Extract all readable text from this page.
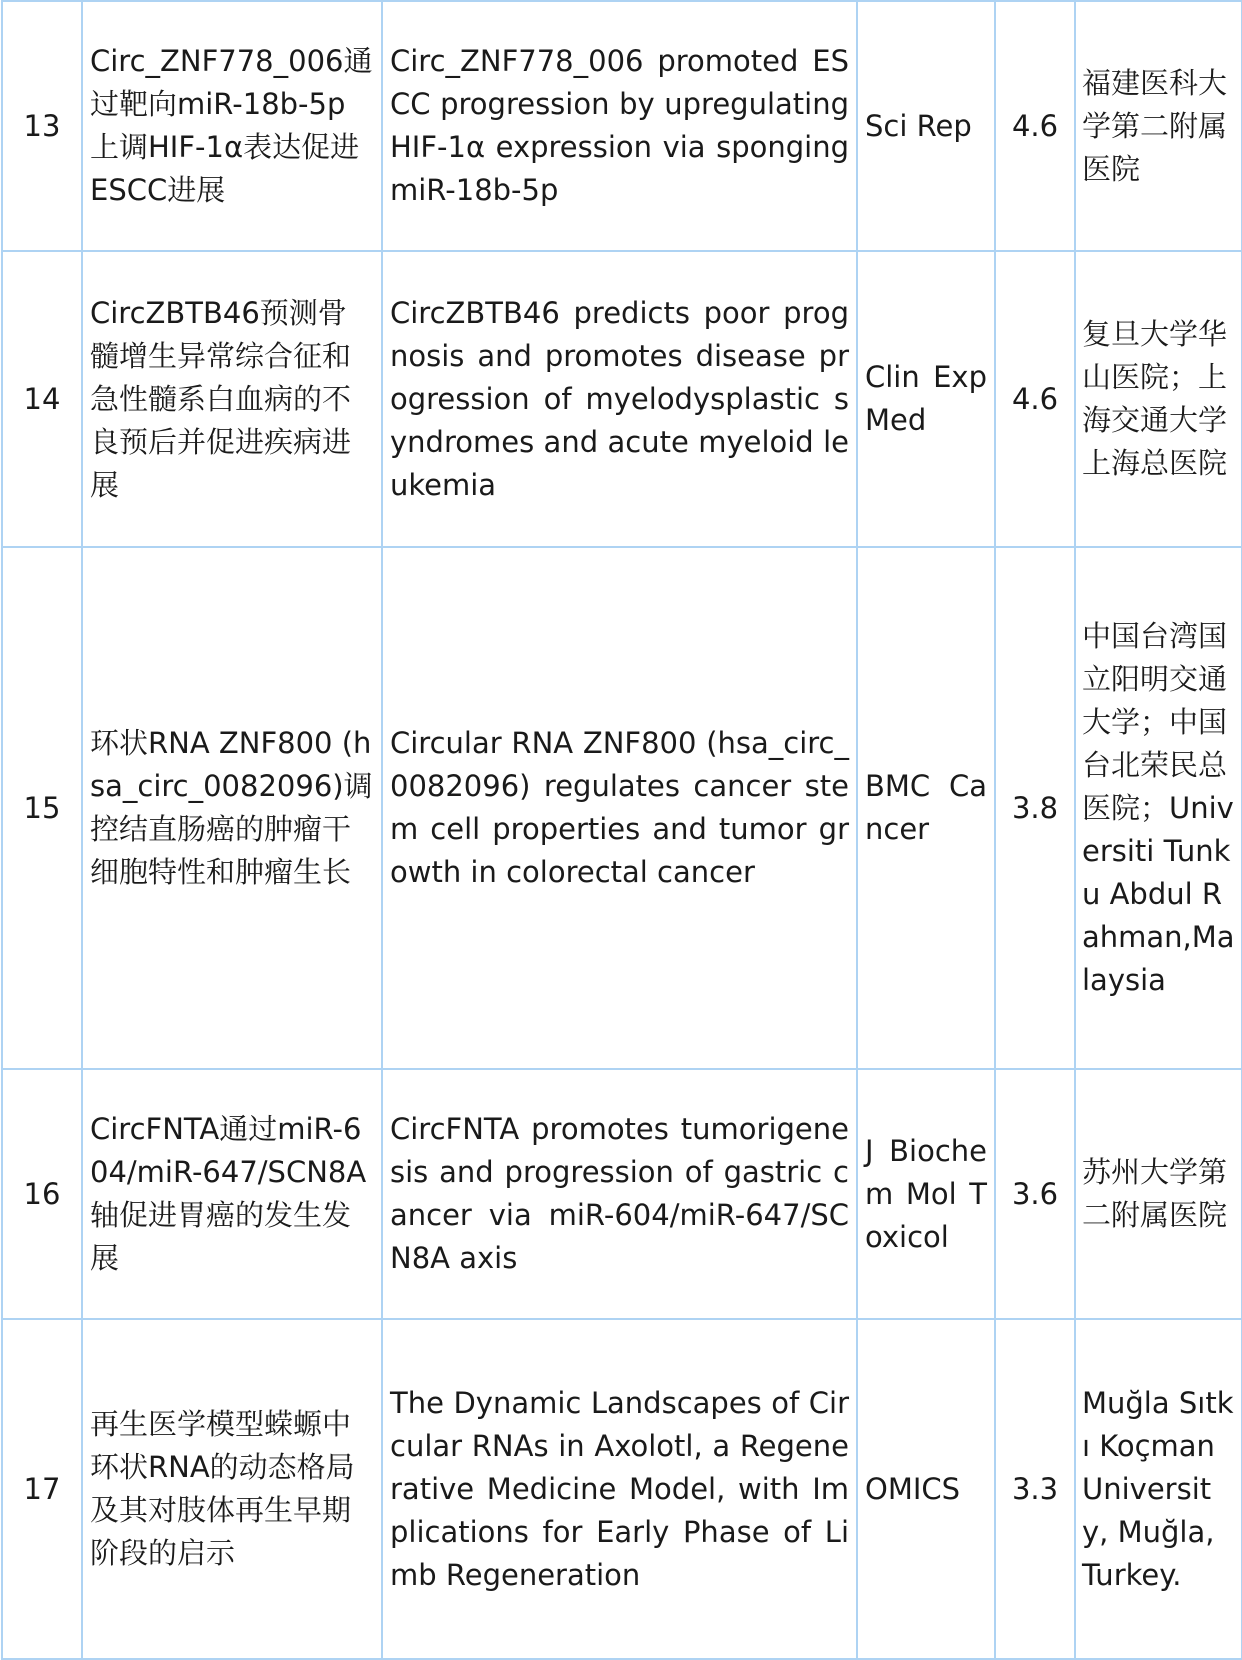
13	Circ_ZNF778_006通过靶向miR-18b-5p上调HIF-1α表达促进ESCC进展	Circ_ZNF778_006 promoted ESCC progression by upregulating HIF-1α expression via sponging miR-18b-5p	Sci Rep	4.6	福建医科大学第二附属医院
14	CircZBTB46预测骨髓增生异常综合征和急性髓系白血病的不良预后并促进疾病进展	CircZBTB46 predicts poor prognosis and promotes disease progression of myelodysplastic syndromes and acute myeloid leukemia	Clin Exp Med	4.6	复旦大学华山医院；上海交通大学上海总医院
15	环状RNA ZNF800 (hsa_circ_0082096)调控结直肠癌的肿瘤干细胞特性和肿瘤生长	Circular RNA ZNF800 (hsa_circ_0082096) regulates cancer stem cell properties and tumor growth in colorectal cancer	BMC Cancer	3.8	中国台湾国立阳明交通大学；中国台北荣民总医院；Universiti Tunku Abdul Rahman,Malaysia
16	CircFNTA通过miR-604/miR-647/SCN8A轴促进胃癌的发生发展	CircFNTA promotes tumorigenesis and progression of gastric cancer via miR-604/miR-647/SCN8A axis	J Biochem Mol Toxicol	3.6	苏州大学第二附属医院
17	再生医学模型蝾螈中环状RNA的动态格局及其对肢体再生早期阶段的启示	The Dynamic Landscapes of Circular RNAs in Axolotl, a Regenerative Medicine Model, with Implications for Early Phase of Limb Regeneration	OMICS	3.3	Muğla Sıtkı Koçman University, Muğla, Turkey.
